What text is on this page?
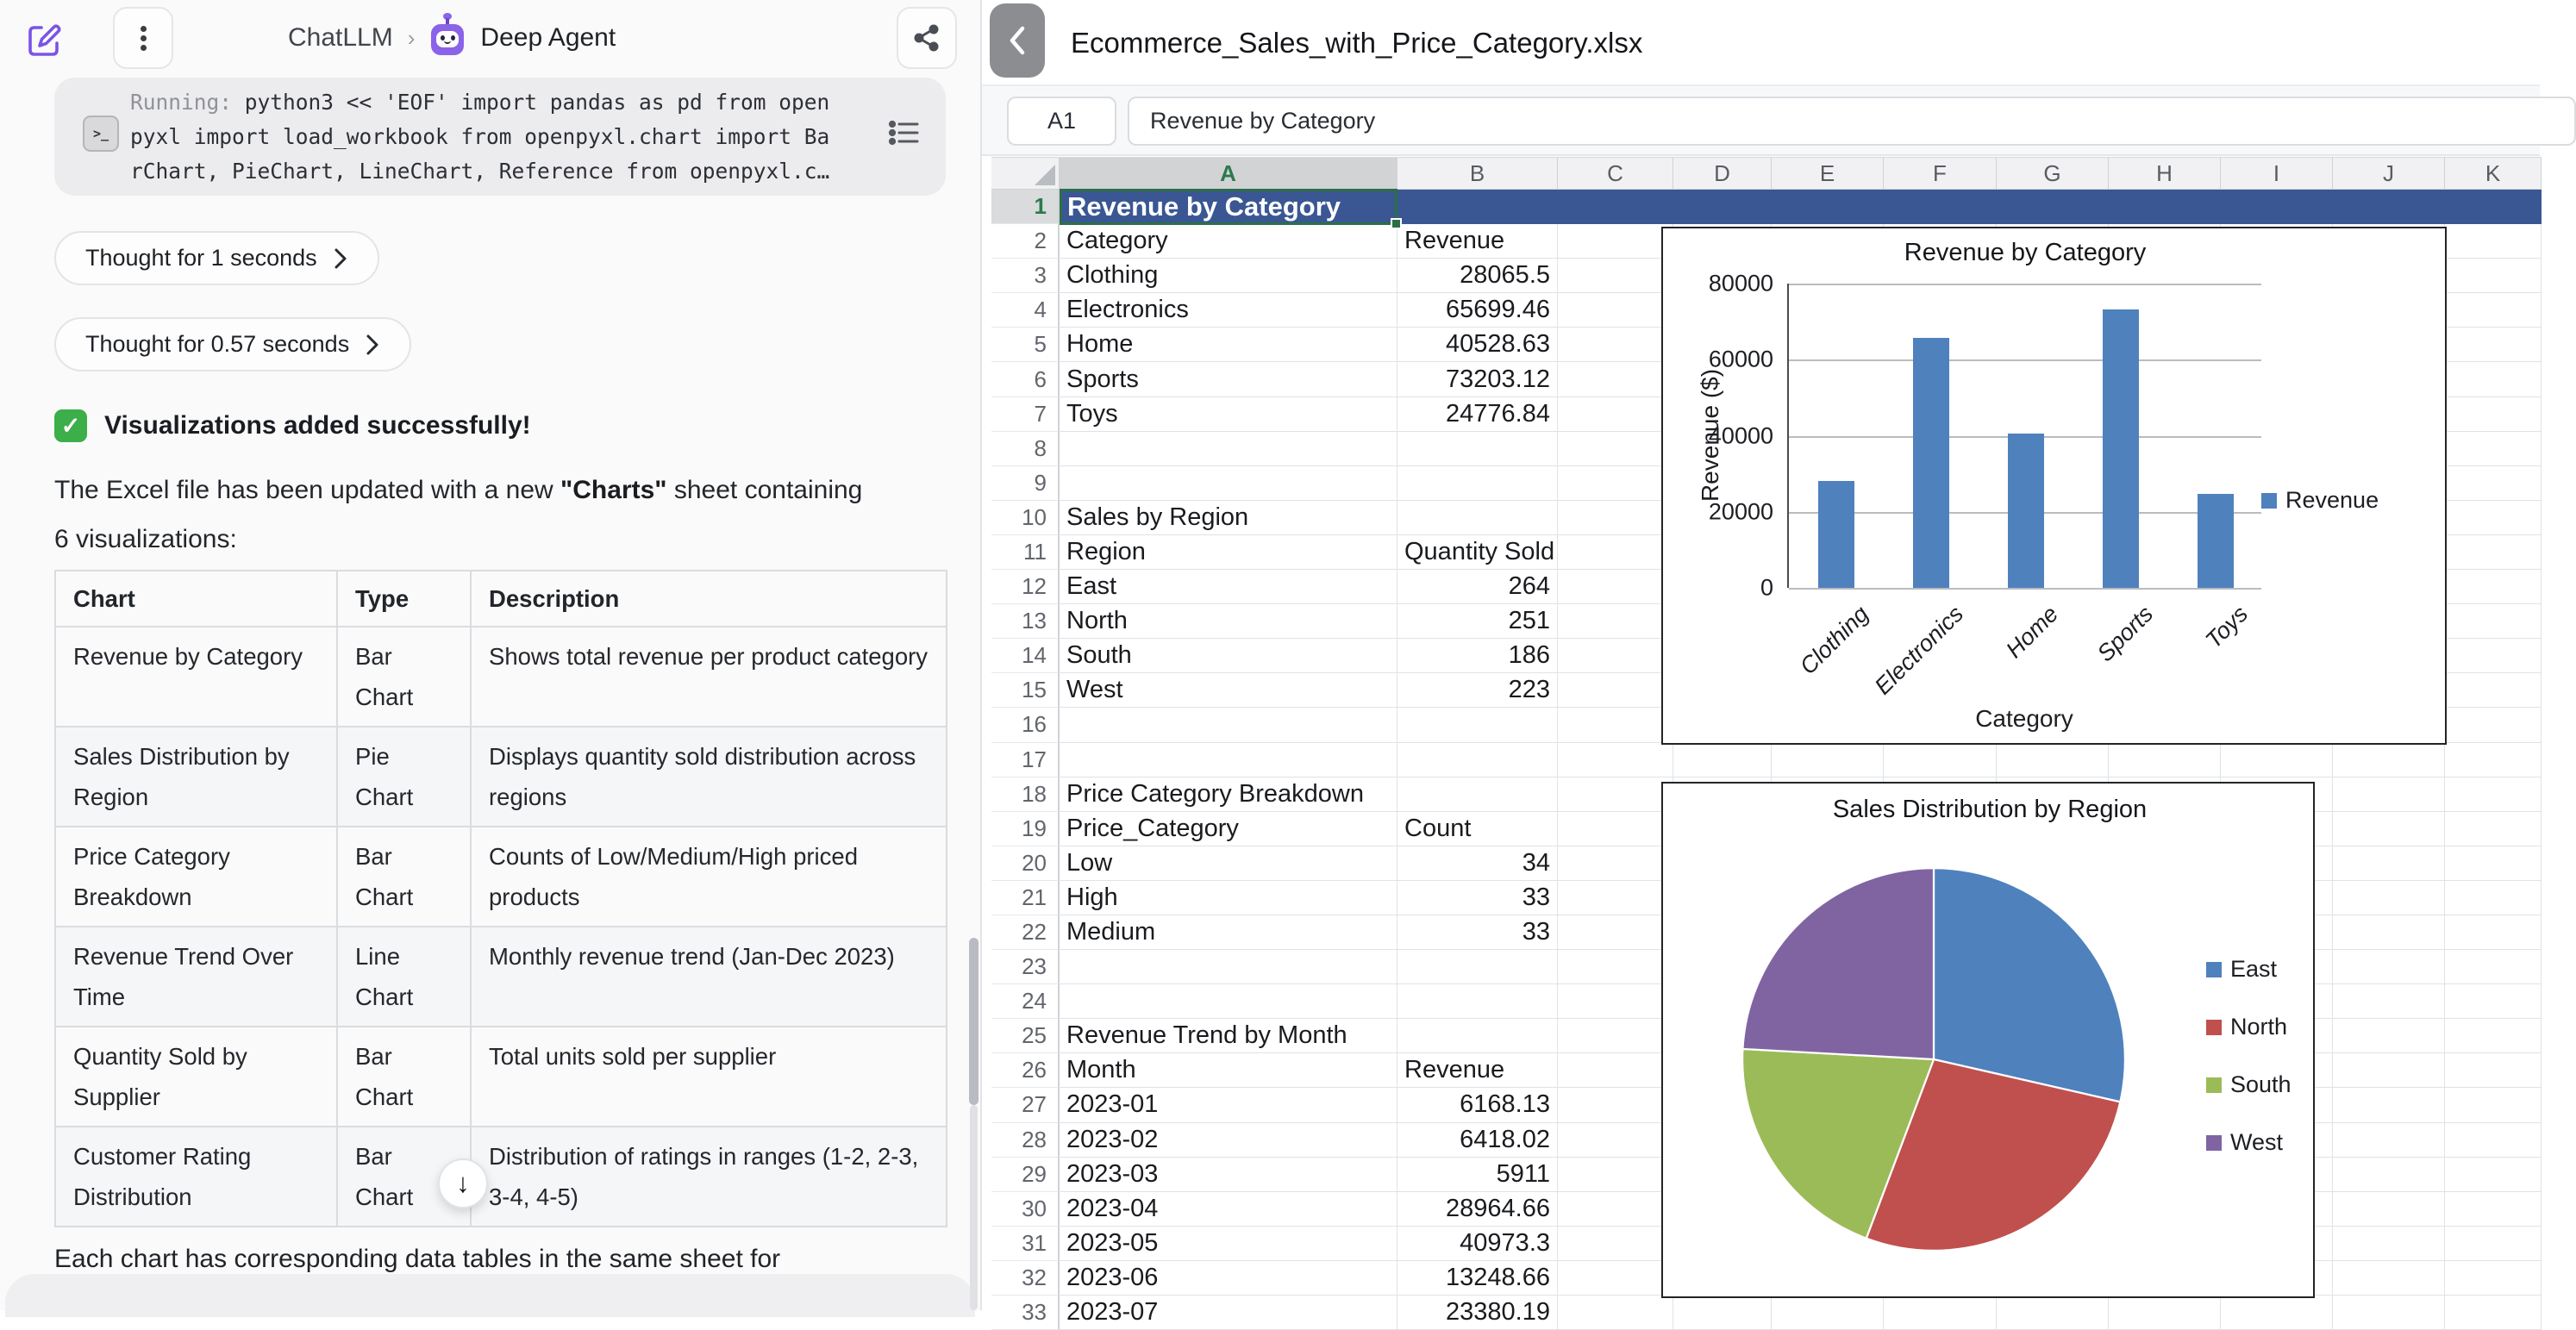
ChatLLM ›	Deep Agent
>_
Running: python3 << 'EOF' import pandas as pd from open
pyxl import load_workbook from openpyxl.chart import Ba
rChart, PieChart, LineChart, Reference from openpyxl.c…
Thought for 1 seconds
Thought for 0.57 seconds
✓ Visualizations added successfully!

The Excel file has been updated with a new "Charts" sheet containing 6 visualizations:

Chart	Type	Description
Revenue by Category	Bar Chart	Shows total revenue per product category
Sales Distribution by Region	Pie Chart	Displays quantity sold distribution across regions
Price Category Breakdown	Bar Chart	Counts of Low/Medium/High priced products
Revenue Trend Over Time	Line Chart	Monthly revenue trend (Jan-Dec 2023)
Quantity Sold by Supplier	Bar Chart	Total units sold per supplier
Customer Rating Distribution	Bar Chart	Distribution of ratings in ranges (1-2, 2-3, 3-4, 4-5)
Each chart has corresponding data tables in the same sheet for
↓
Ecommerce_Sales_with_Price_Category.xlsx
A1	Revenue by Category
A	B	C	D	E	F	G	H	I	J	K
1 Revenue by Category
2 Category	Revenue
3 Clothing	28065.5
4 Electronics	65699.46
5 Home	40528.63
6 Sports	73203.12
7 Toys	24776.84
8
9
10 Sales by Region
11 Region	Quantity Sold
12 East	264
13 North	251
14 South	186
15 West	223
16
17
18 Price Category Breakdown
19 Price_Category	Count
20 Low	34
21 High	33
22 Medium	33
23
24
25 Revenue Trend by Month
26 Month	Revenue
27 2023-01	6168.13
28 2023-02	6418.02
29 2023-03	5911
30 2023-04	28964.66
31 2023-05	40973.3
32 2023-06	13248.66
33 2023-07	23380.19
Revenue by Category
Revenue ($)
80000
60000
40000
20000
0
Clothing
Electronics	Home	Sports	Toys
Category
Revenue
Sales Distribution by Region
East
North
South
West
